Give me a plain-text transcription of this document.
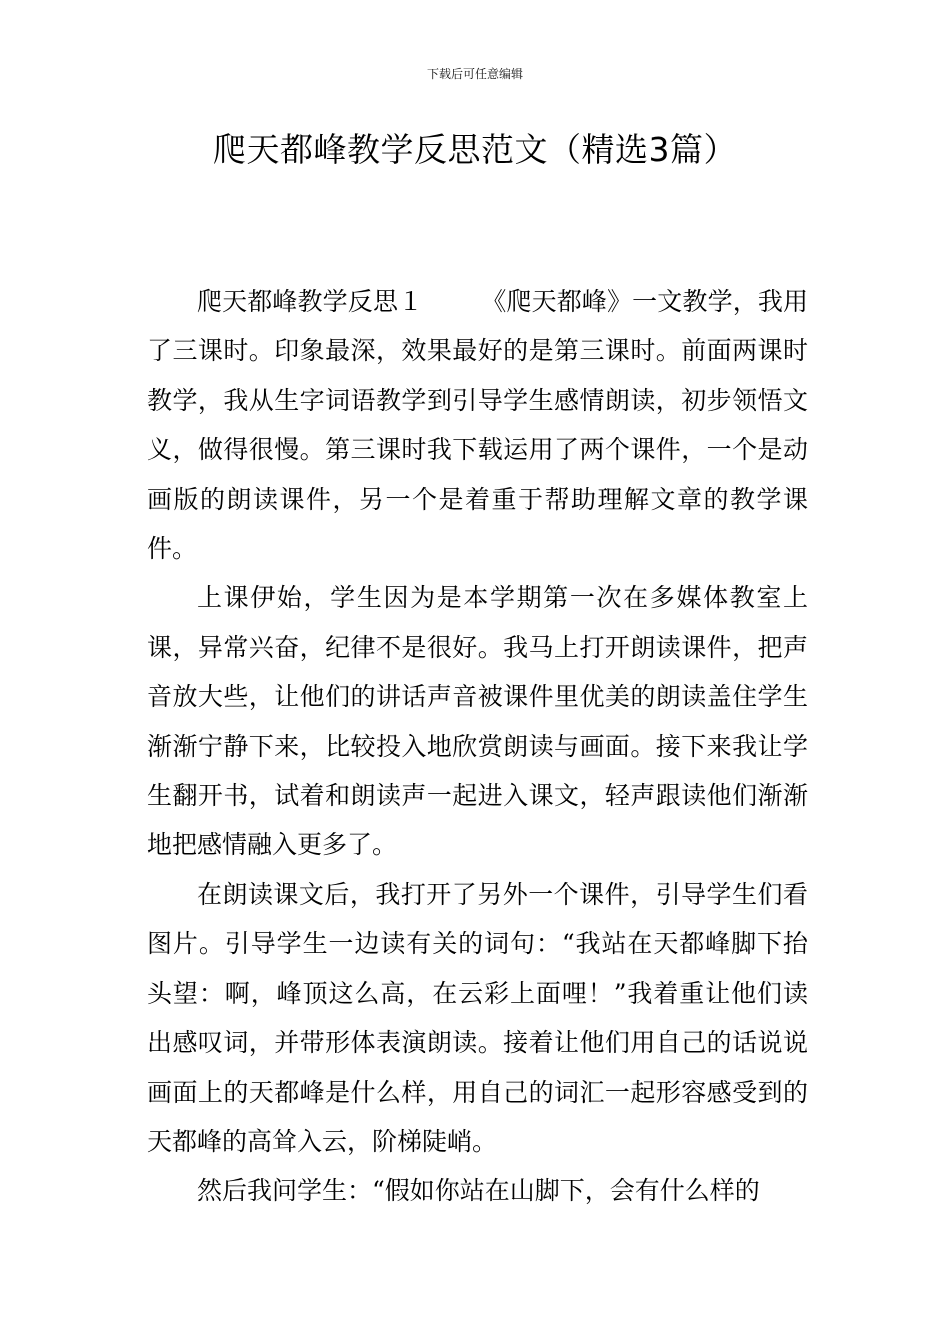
下载后可任意编辑
爬天都峰教学反思范文（精选3篇）

爬天都峰教学反思１ 《爬天都峰》一文教学，我用了三课时。印象最深，效果最好的是第三课时。前面两课时教学，我从生字词语教学到引导学生感情朗读，初步领悟文义，做得很慢。第三课时我下载运用了两个课件，一个是动画版的朗读课件，另一个是着重于帮助理解文章的教学课件。

上课伊始，学生因为是本学期第一次在多媒体教室上课，异常兴奋，纪律不是很好。我马上打开朗读课件，把声音放大些，让他们的讲话声音被课件里优美的朗读盖住学生渐渐宁静下来，比较投入地欣赏朗读与画面。接下来我让学生翻开书，试着和朗读声一起进入课文，轻声跟读他们渐渐地把感情融入更多了。

在朗读课文后，我打开了另外一个课件，引导学生们看图片。引导学生一边读有关的词句：“我站在天都峰脚下抬头望：啊，峰顶这么高，在云彩上面哩！”我着重让他们读出感叹词，并带形体表演朗读。接着让他们用自己的话说说画面上的天都峰是什么样，用自己的词汇一起形容感受到的天都峰的高耸入云，阶梯陡峭。

然后我问学生：“假如你站在山脚下，会有什么样的
